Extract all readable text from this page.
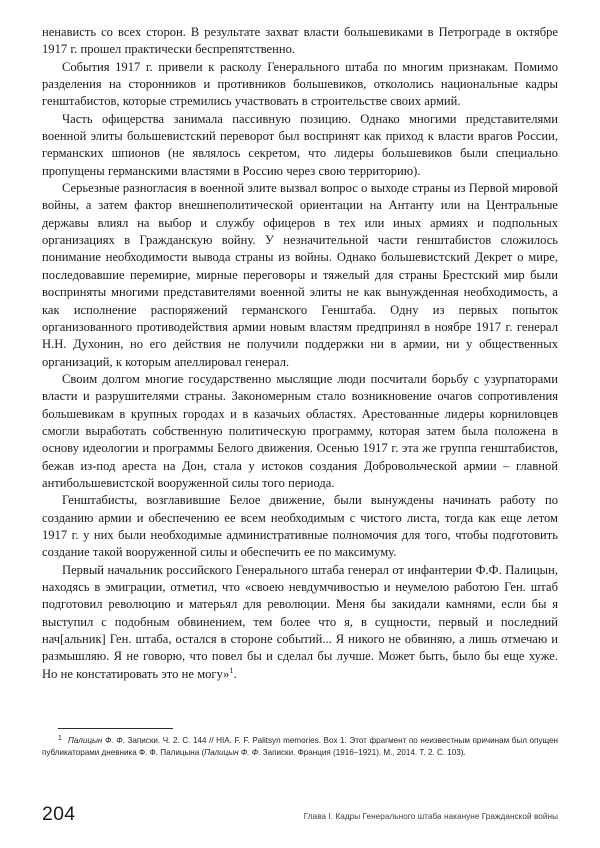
ненависть со всех сторон. В результате захват власти большевиками в Петрограде в октябре 1917 г. прошел практически беспрепятственно.

События 1917 г. привели к расколу Генерального штаба по многим признакам. Помимо разделения на сторонников и противников большевиков, откололись национальные кадры генштабистов, которые стремились участвовать в строительстве своих армий.

Часть офицерства занимала пассивную позицию. Однако многими представителями военной элиты большевистский переворот был воспринят как приход к власти врагов России, германских шпионов (не являлось секретом, что лидеры большевиков были специально пропущены германскими властями в Россию через свою территорию).

Серьезные разногласия в военной элите вызвал вопрос о выходе страны из Первой мировой войны, а затем фактор внешнеполитической ориентации на Антанту или на Центральные державы влиял на выбор и службу офицеров в тех или иных армиях и подпольных организациях в Гражданскую войну. У незначительной части генштабистов сложилось понимание необходимости вывода страны из войны. Однако большевистский Декрет о мире, последовавшие перемирие, мирные переговоры и тяжелый для страны Брестский мир были восприняты многими представителями военной элиты не как вынужденная необходимость, а как исполнение распоряжений германского Генштаба. Одну из первых попыток организованного противодействия армии новым властям предпринял в ноябре 1917 г. генерал Н.Н. Духонин, но его действия не получили поддержки ни в армии, ни у общественных организаций, к которым апеллировал генерал.

Своим долгом многие государственно мыслящие люди посчитали борьбу с узурпаторами власти и разрушителями страны. Закономерным стало возникновение очагов сопротивления большевикам в крупных городах и в казачьих областях. Арестованные лидеры корниловцев смогли выработать собственную политическую программу, которая затем была положена в основу идеологии и программы Белого движения. Осенью 1917 г. эта же группа генштабистов, бежав из-под ареста на Дон, стала у истоков создания Добровольческой армии – главной антибольшевистской вооруженной силы того периода.

Генштабисты, возглавившие Белое движение, были вынуждены начинать работу по созданию армии и обеспечению ее всем необходимым с чистого листа, тогда как еще летом 1917 г. у них были необходимые административные полномочия для того, чтобы подготовить создание такой вооруженной силы и обеспечить ее по максимуму.

Первый начальник российского Генерального штаба генерал от инфантерии Ф.Ф. Палицын, находясь в эмиграции, отметил, что «своею невдумчивостью и неумелою работою Ген. штаб подготовил революцию и матерьял для революции. Меня бы закидали камнями, если бы я выступил с подобным обвинением, тем более что я, в сущности, первый и последний нач[альник] Ген. штаба, остался в стороне событий... Я никого не обвиняю, а лишь отмечаю и размышляю. Я не говорю, что повел бы и сделал бы лучше. Может быть, было бы еще хуже. Но не констатировать это не могу»$^1$.

1 Палицын Ф. Ф. Записки. Ч. 2. С. 144 // HIA. F. F. Palitsyn memories. Box 1. Этот фрагмент по неизвестным причинам был опущен публикаторами дневника Ф. Ф. Палицына (Палицын Ф. Ф. Записки. Франция (1916–1921). М., 2014. Т. 2. С. 103).
204	Глава I. Кадры Генерального штаба накануне Гражданской войны
